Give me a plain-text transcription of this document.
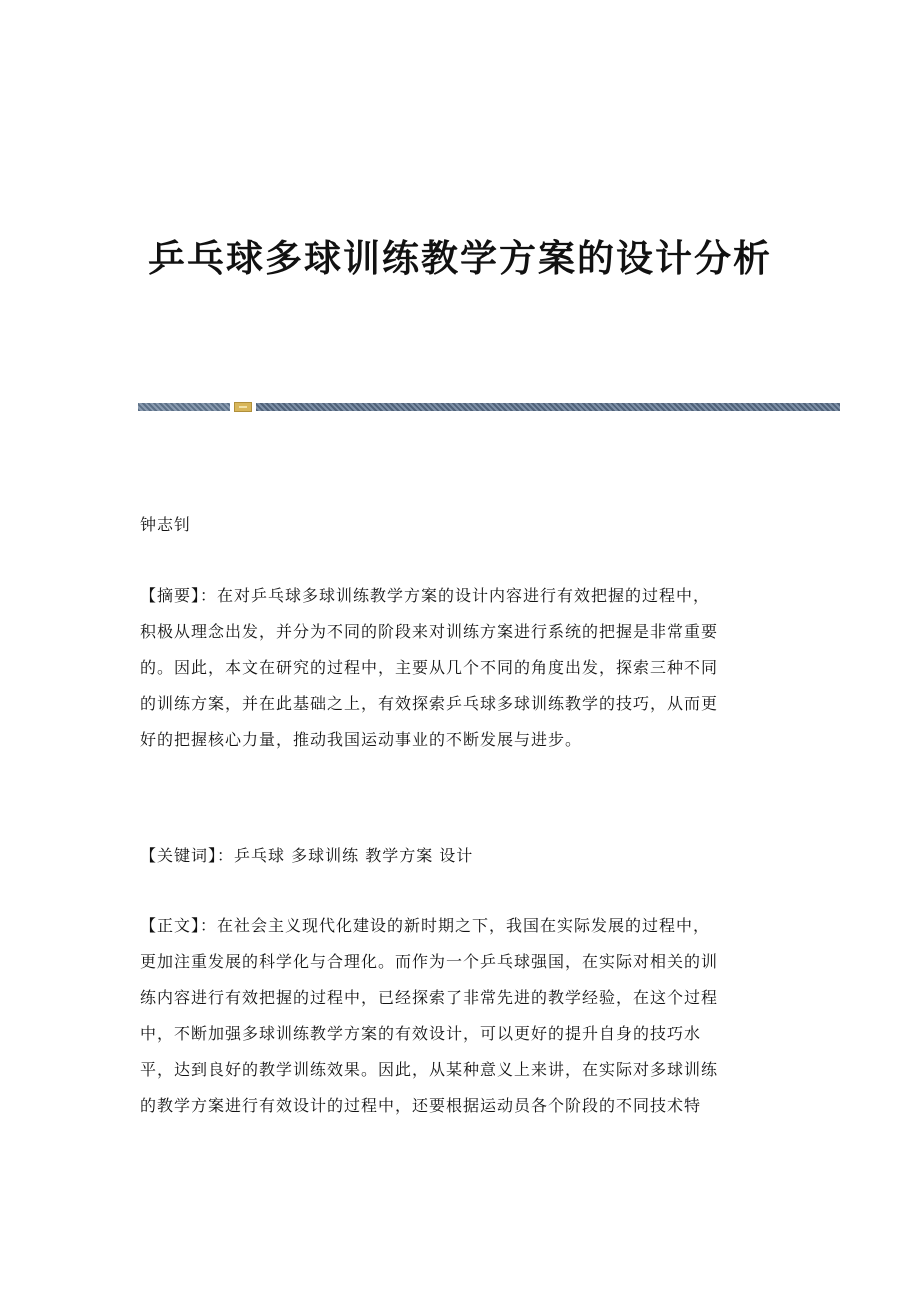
乒乓球多球训练教学方案的设计分析
钟志钊
【摘要】：在对乒乓球多球训练教学方案的设计内容进行有效把握的过程中，
积极从理念出发，并分为不同的阶段来对训练方案进行系统的把握是非常重要
的。因此，本文在研究的过程中，主要从几个不同的角度出发，探索三种不同
的训练方案，并在此基础之上，有效探索乒乓球多球训练教学的技巧，从而更
好的把握核心力量，推动我国运动事业的不断发展与进步。
【关键词】：乒乓球 多球训练 教学方案 设计
【正文】：在社会主义现代化建设的新时期之下，我国在实际发展的过程中，
更加注重发展的科学化与合理化。而作为一个乒乓球强国，在实际对相关的训
练内容进行有效把握的过程中，已经探索了非常先进的教学经验，在这个过程
中，不断加强多球训练教学方案的有效设计，可以更好的提升自身的技巧水
平，达到良好的教学训练效果。因此，从某种意义上来讲，在实际对多球训练
的教学方案进行有效设计的过程中，还要根据运动员各个阶段的不同技术特
